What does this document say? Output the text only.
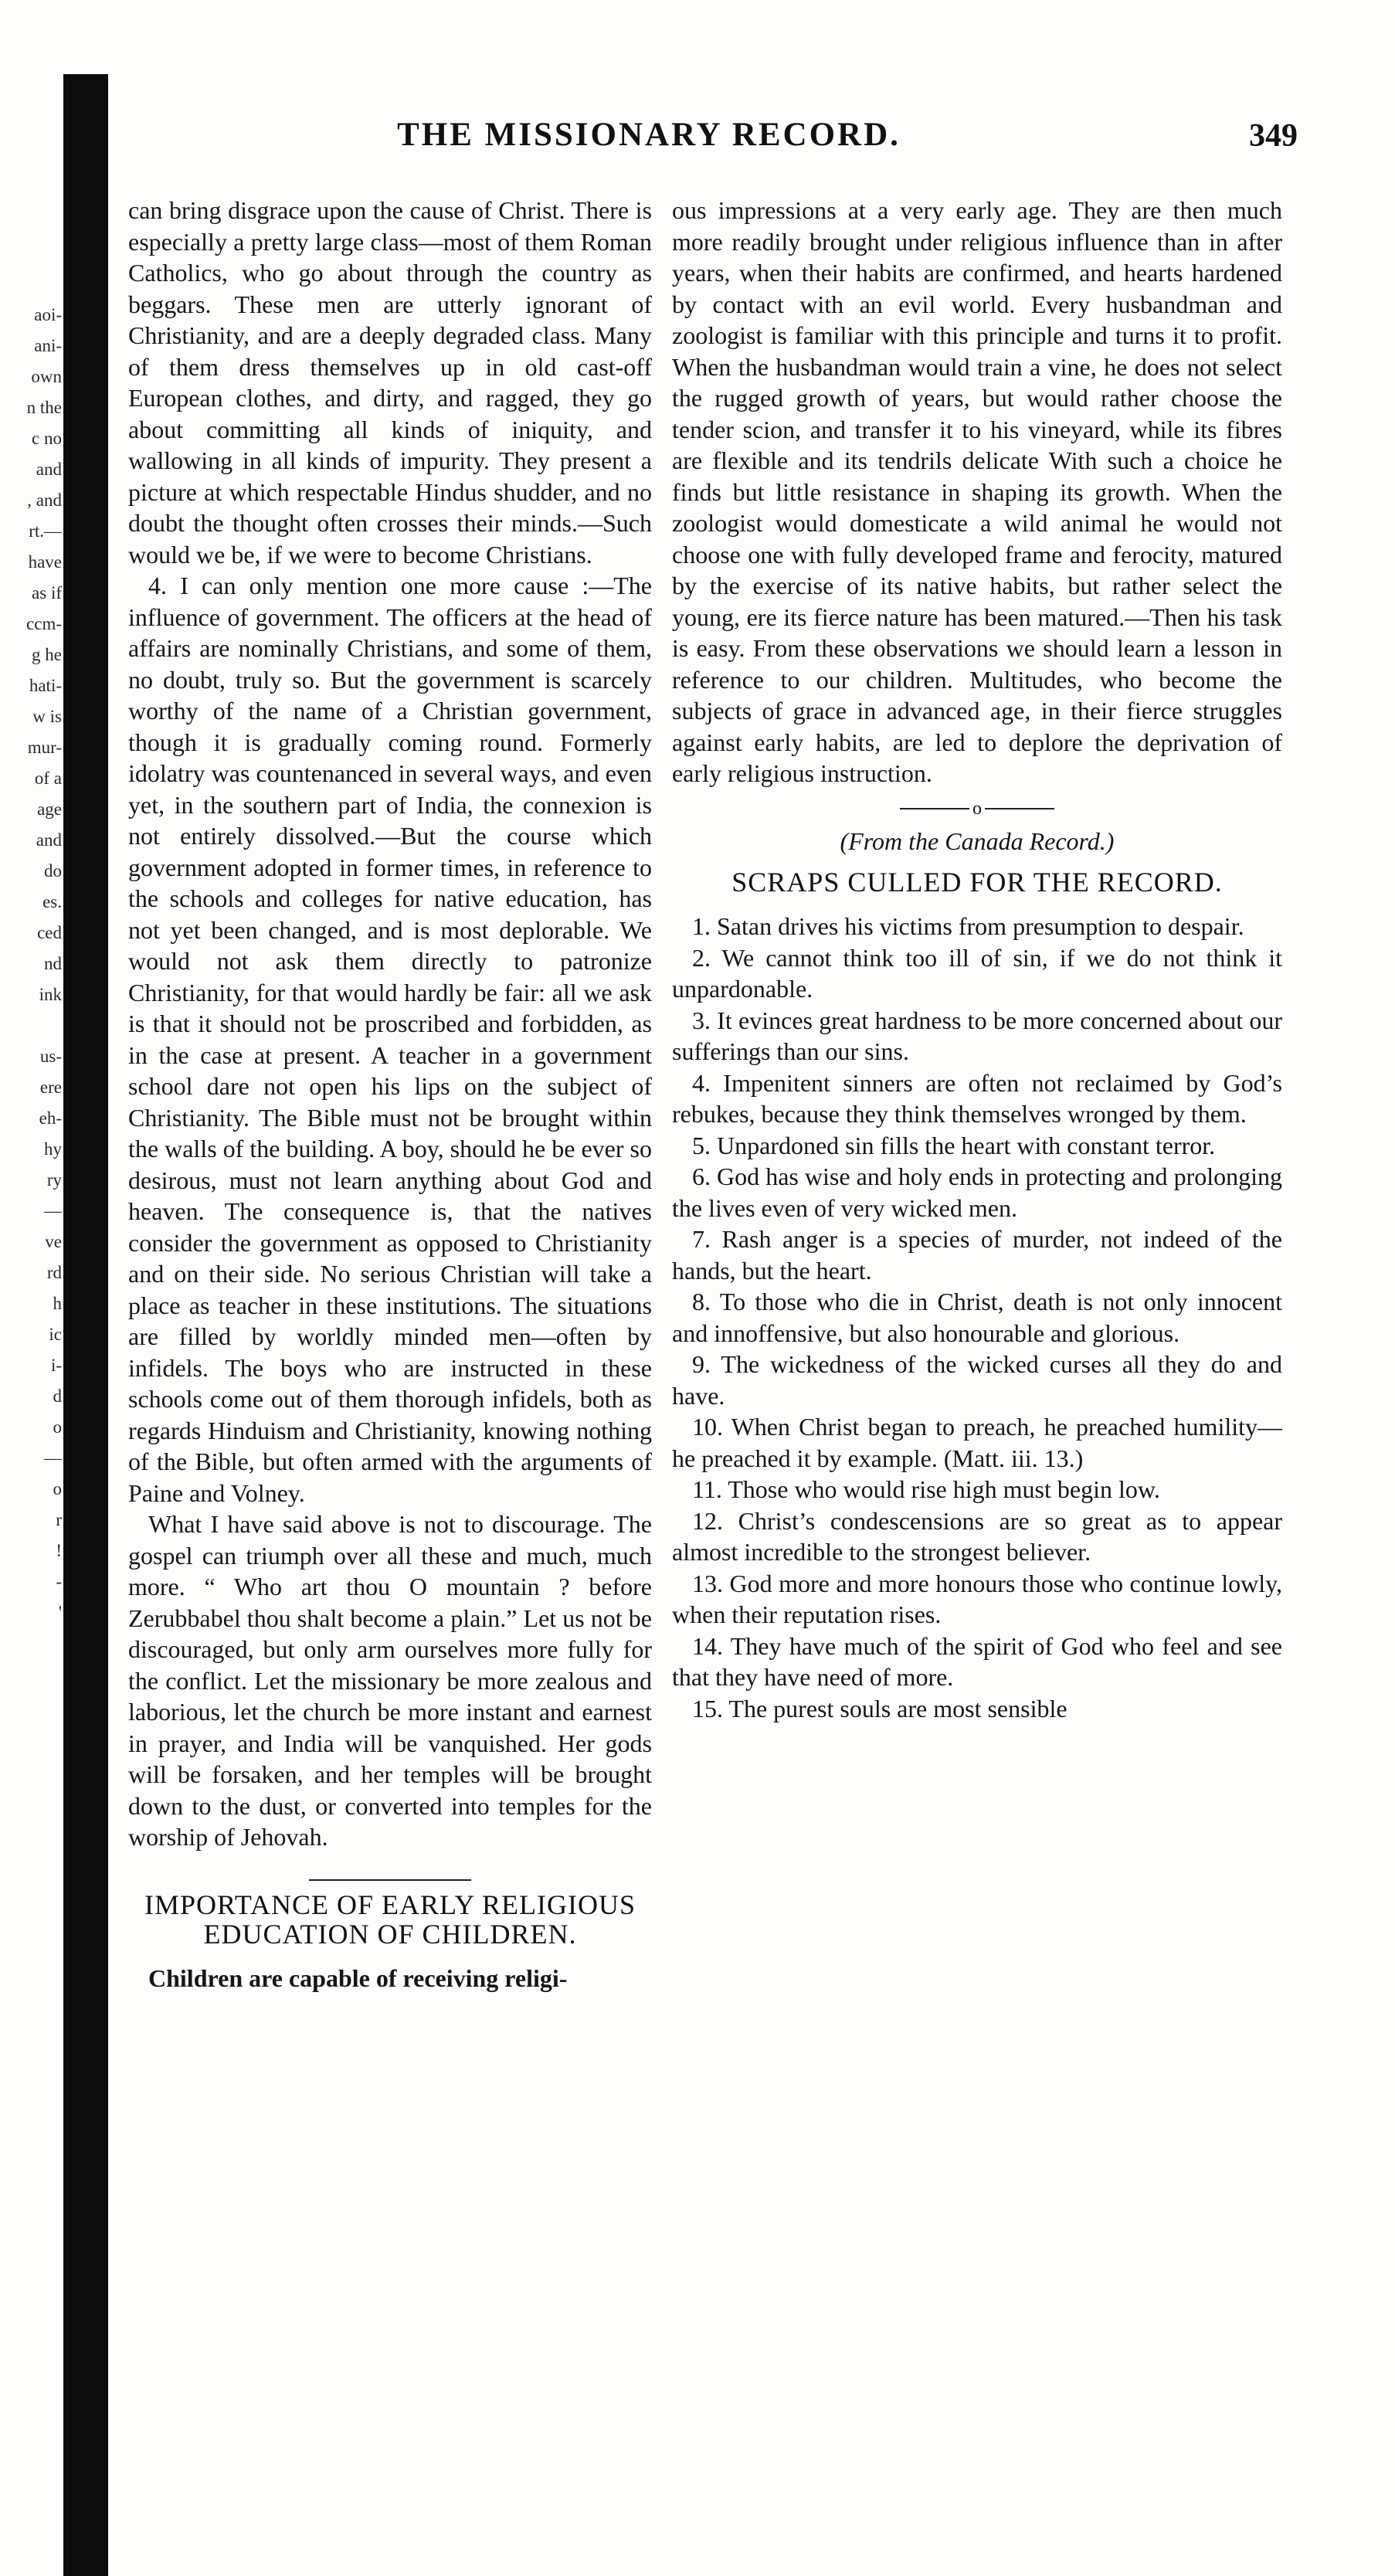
aoi-
ani-
own
n the
c no
and
, and
rt.—
have
as if
ccm-
g he
hati-
w is
mur-
of a
age
and
do
es.
ced
nd
ink
us-
ere
eh-
hy
ry
—
ve
rd
h
ic
i-
d
o
—
o
r
!
-
'
THE MISSIONARY RECORD.	349

can bring disgrace upon the cause of Christ. There is especially a pretty large class—most of them Roman Catholics, who go about through the country as beggars. These men are utterly ignorant of Christianity, and are a deeply degraded class. Many of them dress themselves up in old cast-off European clothes, and dirty, and ragged, they go about committing all kinds of iniquity, and wallowing in all kinds of impurity. They present a picture at which respectable Hindus shudder, and no doubt the thought often crosses their minds.—Such would we be, if we were to become Christians.

4. I can only mention one more cause :—The influence of government. The officers at the head of affairs are nominally Christians, and some of them, no doubt, truly so. But the government is scarcely worthy of the name of a Christian government, though it is gradually coming round. Formerly idolatry was countenanced in several ways, and even yet, in the southern part of India, the connexion is not entirely dissolved.—But the course which government adopted in former times, in reference to the schools and colleges for native education, has not yet been changed, and is most deplorable. We would not ask them directly to patronize Christianity, for that would hardly be fair: all we ask is that it should not be proscribed and forbidden, as in the case at present. A teacher in a government school dare not open his lips on the subject of Christianity. The Bible must not be brought within the walls of the building. A boy, should he be ever so desirous, must not learn anything about God and heaven. The consequence is, that the natives consider the government as opposed to Christianity and on their side. No serious Christian will take a place as teacher in these institutions. The situations are filled by worldly minded men—often by infidels. The boys who are instructed in these schools come out of them thorough infidels, both as regards Hinduism and Christianity, knowing nothing of the Bible, but often armed with the arguments of Paine and Volney.

What I have said above is not to discourage. The gospel can triumph over all these and much, much more. “ Who art thou O mountain ? before Zerubbabel thou shalt become a plain.” Let us not be discouraged, but only arm ourselves more fully for the conflict. Let the missionary be more zealous and laborious, let the church be more instant and earnest in prayer, and India will be vanquished. Her gods will be forsaken, and her temples will be brought down to the dust, or converted into temples for the worship of Jehovah.

IMPORTANCE OF EARLY RELIGIOUS EDUCATION OF CHILDREN.

Children are capable of receiving religi-

ous impressions at a very early age. They are then much more readily brought under religious influence than in after years, when their habits are confirmed, and hearts hardened by contact with an evil world. Every husbandman and zoologist is familiar with this principle and turns it to profit. When the husbandman would train a vine, he does not select the rugged growth of years, but would rather choose the tender scion, and transfer it to his vineyard, while its fibres are flexible and its tendrils delicate With such a choice he finds but little resistance in shaping its growth. When the zoologist would domesticate a wild animal he would not choose one with fully developed frame and ferocity, matured by the exercise of its native habits, but rather select the young, ere its fierce nature has been matured.—Then his task is easy. From these observations we should learn a lesson in reference to our children. Multitudes, who become the subjects of grace in advanced age, in their fierce struggles against early habits, are led to deplore the deprivation of early religious instruction.

o
(From the Canada Record.)
SCRAPS CULLED FOR THE RECORD.

1. Satan drives his victims from presumption to despair.

2. We cannot think too ill of sin, if we do not think it unpardonable.

3. It evinces great hardness to be more concerned about our sufferings than our sins.

4. Impenitent sinners are often not reclaimed by God’s rebukes, because they think themselves wronged by them.

5. Unpardoned sin fills the heart with constant terror.

6. God has wise and holy ends in protecting and prolonging the lives even of very wicked men.

7. Rash anger is a species of murder, not indeed of the hands, but the heart.

8. To those who die in Christ, death is not only innocent and innoffensive, but also honourable and glorious.

9. The wickedness of the wicked curses all they do and have.

10. When Christ began to preach, he preached humility—he preached it by example. (Matt. iii. 13.)

11. Those who would rise high must begin low.

12. Christ’s condescensions are so great as to appear almost incredible to the strongest believer.

13. God more and more honours those who continue lowly, when their reputation rises.

14. They have much of the spirit of God who feel and see that they have need of more.

15. The purest souls are most sensible
